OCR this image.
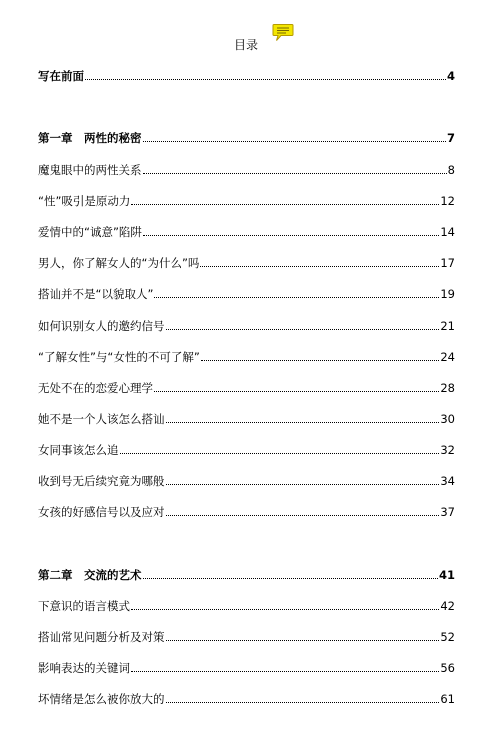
目录
写在前面	4
第一章　两性的秘密	7
魔鬼眼中的两性关系	8
“性”吸引是原动力	12
爱情中的“诚意”陷阱	14
男人，你了解女人的“为什么”吗	17
搭讪并不是“以貌取人”	19
如何识别女人的邀约信号	21
“了解女性”与“女性的不可了解”	24
无处不在的恋爱心理学	28
她不是一个人该怎么搭讪	30
女同事该怎么追	32
收到号无后续究竟为哪般	34
女孩的好感信号以及应对	37
第二章　交流的艺术	41
下意识的语言模式	42
搭讪常见问题分析及对策	52
影响表达的关键词	56
坏情绪是怎么被你放大的	61
